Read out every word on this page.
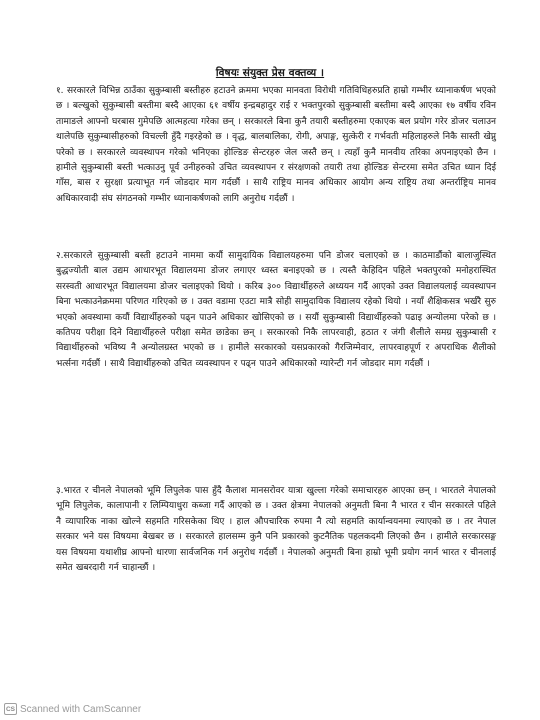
विषयः संयुक्त प्रेस वक्तव्य ।
१. सरकारले विभिन्न ठाउँका सुकुम्बासी बस्तीहरु हटाउने क्रममा भएका मानवता विरोधी गतिविधिहरुप्रति हाम्रो गम्भीर ध्यानाकर्षण भएको छ । बल्खुको सुकुम्बासी बस्तीमा बस्दै आएका ६१ वर्षीय इन्द्रबहादुर राई र भक्तपुरको सुकुम्बासी बस्तीमा बस्दै आएका १७ वर्षीय रविन तामाङले आफ्नो घरबास गुमेपछि आत्महत्या गरेका छन् । सरकारले बिना कुनै तयारी बस्तीहरुमा एकाएक बल प्रयोग गरेर डोजर चलाउन थालेपछि सुकुम्बासीहरुको विचल्ली हुँदै गइरहेको छ । वृद्ध, बालबालिका, रोगी, अपाङ्ग, सुत्केरी र गर्भवती महिलाहरुले निकै सास्ती खेप्नु परेको छ । सरकारले व्यवस्थापन गरेको भनिएका होल्डिङ सेन्टरहरु जेल जस्तै छन् । त्यहाँ कुनै मानवीय तरिका अपनाइएको छैन । हामीले सुकुम्बासी बस्ती भत्काउनु पूर्व उनीहरुको उचित व्यवस्थापन र संरक्षणको तयारी तथा होल्डिङ सेन्टरमा समेत उचित ध्यान दिई गाँस, बास र सुरक्षा प्रत्याभूत गर्न जोडदार माग गर्दछौं । साथै राष्ट्रिय मानव अधिकार आयोग अन्य राष्ट्रिय तथा अन्तर्राष्ट्रिय मानव अधिकारवादी संघ संगठनको गम्भीर ध्यानाकर्षणको लागि अनुरोध गर्दछौं ।
२.सरकारले सुकुम्बासी बस्ती हटाउने नाममा कयौं सामुदायिक विद्यालयहरुमा पनि डोजर चलाएको छ । काठमाडौंको बालाजुस्थित बुद्धज्योती बाल उद्यम आधारभूत विद्यालयमा डोजर लगाएर ध्वस्त बनाइएको छ । त्यस्तै केहिदिन पहिले भक्तपुरको मनोहरास्थित सरस्वती आधारभूत विद्यालयमा डोजर चलाइएको थियो । करिब ३०० विद्यार्थीहरुले अध्ययन गर्दै आएको उक्त विद्यालयलाई व्यवस्थापन बिना भत्काउनेक्रममा परिणत गरिएको छ । उक्त वडामा एउटा मात्रै सोही सामुदायिक विद्यालय रहेको थियो । नयाँ शैक्षिकसत्र भर्खरै सुरु भएको अवस्थामा कयौं विद्यार्थीहरुको पढ्न पाउने अधिकार खोसिएको छ । सयौं सुकुम्बासी विद्यार्थीहरुको पढाइ अन्योलमा परेको छ । कतिपय परीक्षा दिने विद्यार्थीहरुले परीक्षा समेत छाडेका छन् । सरकारको निकै लापरवाही, हठात र जंगी शैलीले समग्र सुकुम्बासी र विद्यार्थीहरुको भविष्य नै अन्योलग्रस्त भएको छ । हामीले सरकारको यसप्रकारको गैरजिम्मेवार, लापरवाहपूर्ण र अपराधिक शैलीको भर्त्सना गर्दछौं । साथै विद्यार्थीहरुको उचित व्यवस्थापन र पढ्न पाउने अधिकारको ग्यारेन्टी गर्न जोडदार माग गर्दछौं ।
३.भारत र चीनले नेपालको भूमि लिपुलेक पास हुँदै कैलाश मानसरोवर यात्रा खुल्ला गरेको समाचारहरु आएका छन् । भारतले नेपालको भूमि लिपुलेक, कालापानी र लिम्पियाधुरा कब्जा गर्दै आएको छ । उक्त क्षेत्रमा नेपालको अनुमती बिना नै भारत र चीन सरकारले पहिले नै व्यापारिक नाका खोल्ने सहमति गरिसकेका थिए । हाल औपचारिक रुपमा नै त्यो सहमति कार्यान्वयनमा ल्याएको छ । तर नेपाल सरकार भने यस विषयमा बेखबर छ । सरकारले हालसम्म कुनै पनि प्रकारको कुटनैतिक पहलकदमी लिएको छैन । हामीले सरकारसङ्ग यस विषयमा यथाशीघ्र आफ्नो धारणा सार्वजनिक गर्न अनुरोध गर्दछौं । नेपालको अनुमती बिना हाम्रो भूमी प्रयोग नगर्न भारत र चीनलाई समेत खबरदारी गर्न चाहान्छौं ।
CS Scanned with CamScanner
